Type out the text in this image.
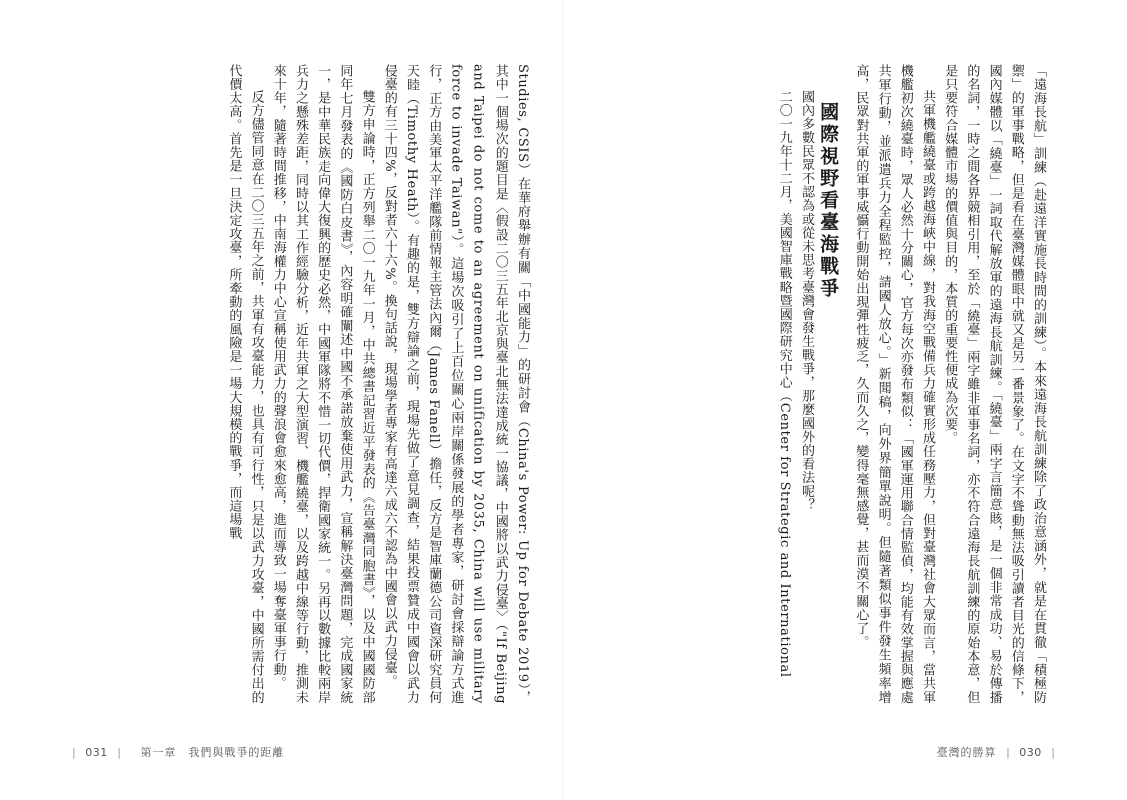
「遠海長航」訓練（赴遠洋實施長時間的訓練）。本來遠海長航訓練除了政治意涵外，就是在貫徹「積極防禦」的軍事戰略，但是看在臺灣媒體眼中就又是另一番景象了。在文字不聳動無法吸引讀者目光的信條下，國內媒體以「繞臺」一詞取代解放軍的遠海長航訓練。「繞臺」兩字言簡意賅，是一個非常成功、易於傳播的名詞，一時之間各界競相引用，至於「繞臺」兩字雖非軍事名詞，亦不符合遠海長航訓練的原始本意，但是只要符合媒體市場的價值與目的，本質的重要性便成為次要。

共軍機艦繞臺或跨越海峽中線，對我海空戰備兵力確實形成任務壓力，但對臺灣社會大眾而言，當共軍機艦初次繞臺時，眾人必然十分關心，官方每次亦發布類似：「國軍運用聯合情監偵，均能有效掌握與應處共軍行動，並派遣兵力全程監控，請國人放心。」新聞稿，向外界簡單說明。但隨著類似事件發生頻率增高，民眾對共軍的軍事威懾行動開始出現彈性疲乏，久而久之，變得毫無感覺，甚而漠不關心了。

國際視野看臺海戰爭

國內多數民眾不認為或從未思考臺灣會發生戰爭，那麼國外的看法呢？

二〇一九年十二月，美國智庫戰略暨國際研究中心（Center for Strategic and International

臺灣的勝算 | 030 |

Studies, CSIS）在華府舉辦有關「中國能力」的研討會（China's Power: Up for Debate 2019），其中一個場次的題目是〈假設二〇三五年北京與臺北無法達成統一協議，中國將以武力侵臺〉（"If Beijing and Taipei do not come to an agreement on unification by 2035, China will use military force to invade Taiwan"）。這場次吸引了上百位關心兩岸關係發展的學者專家，研討會採辯論方式進行，正方由美軍太平洋艦隊前情報主管法內爾（James Fanell）擔任，反方是智庫蘭德公司資深研究員何天睦（Timothy Heath）。有趣的是，雙方辯論之前，現場先做了意見調查，結果投票贊成中國會以武力侵臺的有三十四%，反對者六十六%。換句話說，現場學者專家有高達六成六不認為中國會以武力侵臺。

雙方申論時，正方列舉二〇一九年一月，中共總書記習近平發表的《告臺灣同胞書》，以及中國國防部同年七月發表的《國防白皮書》，內容明確闡述中國不承諾放棄使用武力，宣稱解決臺灣問題，完成國家統一，是中華民族走向偉大復興的歷史必然，中國軍隊將不惜一切代價，捍衛國家統一。另再以數據比較兩岸兵力之懸殊差距，同時以其工作經驗分析，近年共軍之大型演習、機艦繞臺，以及跨越中線等行動，推測未來十年，隨著時間推移，中南海權力中心宣稱使用武力的聲浪會愈來愈高，進而導致一場奪臺軍事行動。

反方儘管同意在二〇三五年之前，共軍有攻臺能力，也具有可行性，只是以武力攻臺，中國所需付出的代價太高。首先是一旦決定攻臺，所牽動的風險是一場大規模的戰爭，而這場戰

| 031 | 第一章　我們與戰爭的距離
